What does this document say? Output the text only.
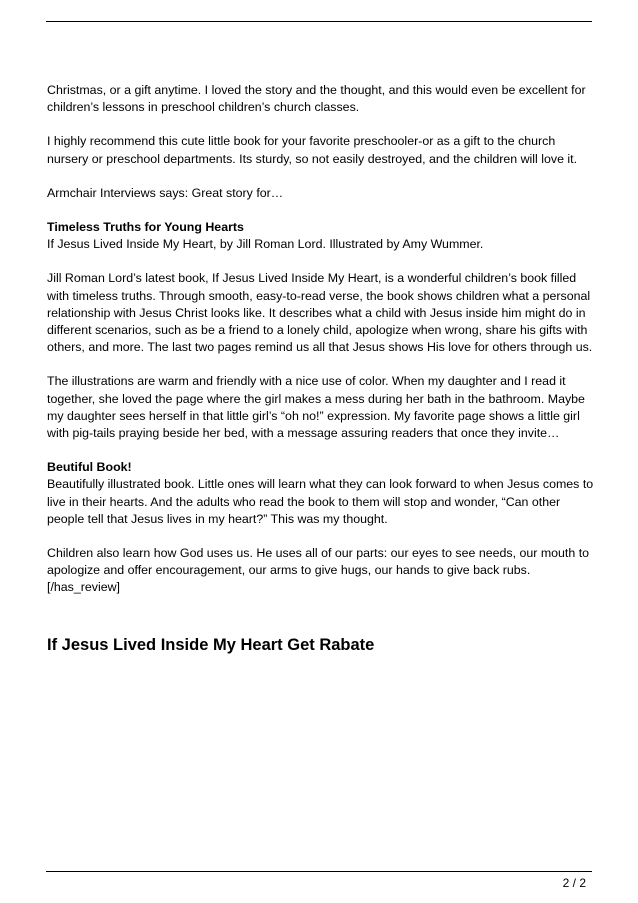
Christmas, or a gift anytime. I loved the story and the thought, and this would even be excellent for children’s lessons in preschool children’s church classes.

I highly recommend this cute little book for your favorite preschooler-or as a gift to the church nursery or preschool departments. Its sturdy, so not easily destroyed, and the children will love it.

Armchair Interviews says: Great story for…

Timeless Truths for Young Hearts
If Jesus Lived Inside My Heart, by Jill Roman Lord. Illustrated by Amy Wummer.

Jill Roman Lord’s latest book, If Jesus Lived Inside My Heart, is a wonderful children’s book filled with timeless truths. Through smooth, easy-to-read verse, the book shows children what a personal relationship with Jesus Christ looks like. It describes what a child with Jesus inside him might do in different scenarios, such as be a friend to a lonely child, apologize when wrong, share his gifts with others, and more. The last two pages remind us all that Jesus shows His love for others through us.

The illustrations are warm and friendly with a nice use of color. When my daughter and I read it together, she loved the page where the girl makes a mess during her bath in the bathroom. Maybe my daughter sees herself in that little girl’s “oh no!” expression. My favorite page shows a little girl with pig-tails praying beside her bed, with a message assuring readers that once they invite…

Beutiful Book!
Beautifully illustrated book. Little ones will learn what they can look forward to when Jesus comes to live in their hearts. And the adults who read the book to them will stop and wonder, “Can other people tell that Jesus lives in my heart?” This was my thought.

Children also learn how God uses us. He uses all of our parts: our eyes to see needs, our mouth to apologize and offer encouragement, our arms to give hugs, our hands to give back rubs.[/has_review]

If Jesus Lived Inside My Heart Get Rabate
2 / 2
